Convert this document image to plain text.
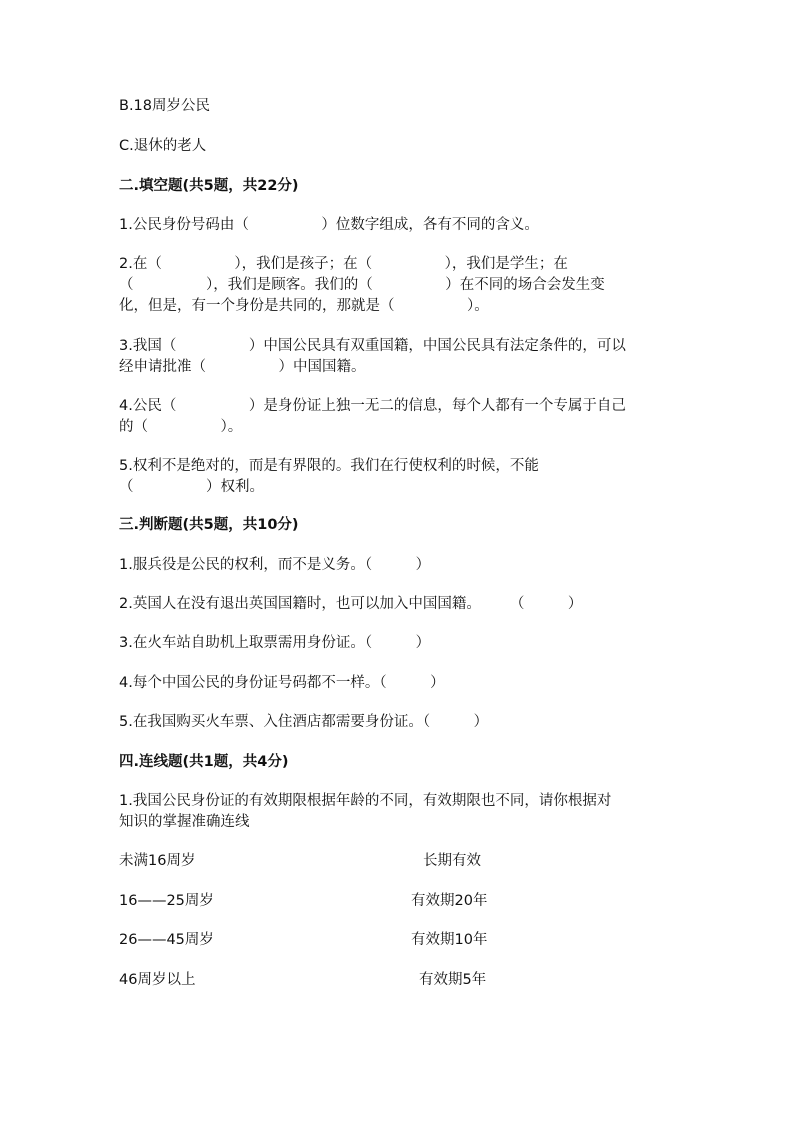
B.18周岁公民
C.退休的老人
二.填空题(共5题，共22分)
1.公民身份号码由（　　　　　）位数字组成，各有不同的含义。
2.在（　　　　　），我们是孩子；在（　　　　　），我们是学生；在
（　　　　　），我们是顾客。我们的（　　　　　）在不同的场合会发生变
化，但是，有一个身份是共同的，那就是（　　　　　）。
3.我国（　　　　　）中国公民具有双重国籍，中国公民具有法定条件的，可以
经申请批准（　　　　　）中国国籍。
4.公民（　　　　　）是身份证上独一无二的信息，每个人都有一个专属于自己
的（　　　　　）。
5.权利不是绝对的，而是有界限的。我们在行使权利的时候，不能
（　　　　　）权利。
三.判断题(共5题，共10分)
1.服兵役是公民的权利，而不是义务。（　　　）
2.英国人在没有退出英国国籍时，也可以加入中国国籍。　　　（　　　）
3.在火车站自助机上取票需用身份证。（　　　）
4.每个中国公民的身份证号码都不一样。（　　　）
5.在我国购买火车票、入住酒店都需要身份证。（　　　）
四.连线题(共1题，共4分)
1.我国公民身份证的有效期限根据年龄的不同，有效期限也不同，请你根据对
知识的掌握准确连线
未满16周岁	长期有效
16——25周岁	有效期20年
26——45周岁	有效期10年
46周岁以上	有效期5年
